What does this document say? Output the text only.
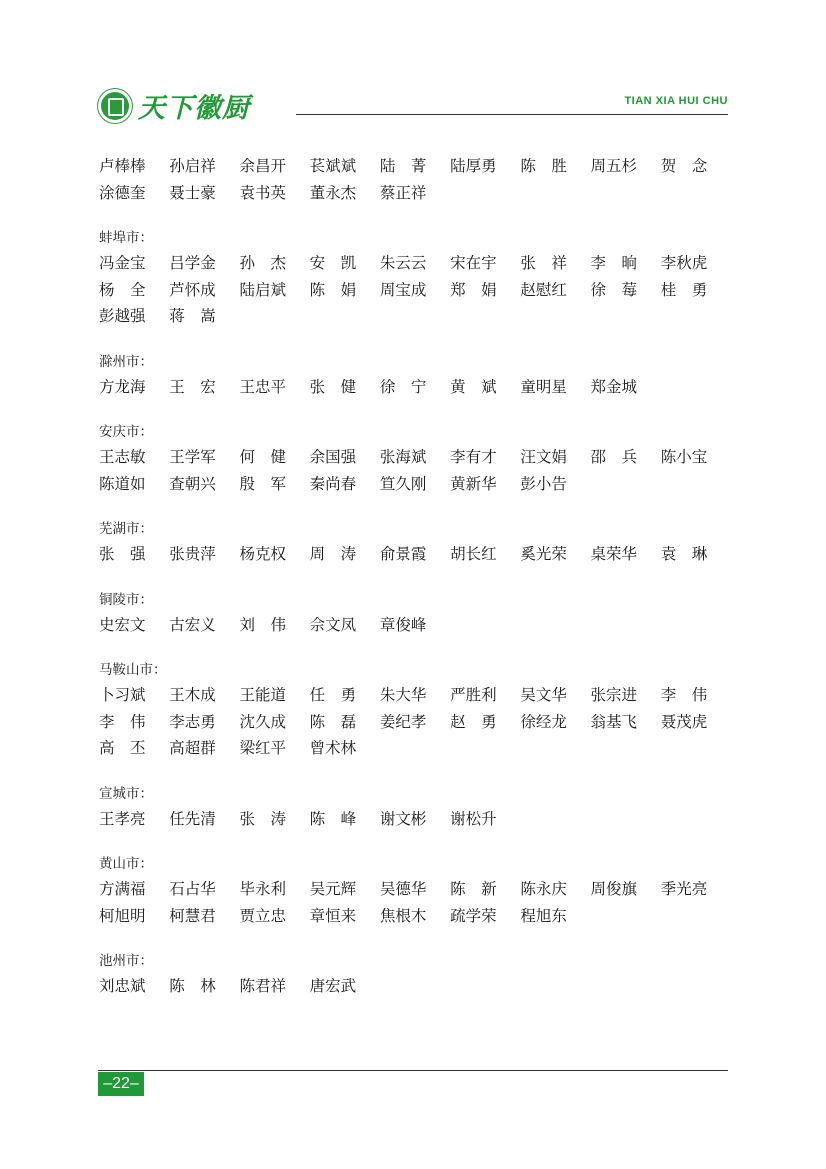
天下徽厨	TIAN XIA HUI CHU
卢棒棒	孙启祥	余昌开	苌斌斌	陆　菁	陆厚勇	陈　胜	周五杉	贺　念
涂德奎	聂士豪	袁书英	董永杰	蔡正祥
蚌埠市：
冯金宝	吕学金	孙　杰	安　凯	朱云云	宋在宇	张　祥	李　晌	李秋虎
杨　全	芦怀成	陆启斌	陈　娟	周宝成	郑　娟	赵慰红	徐　莓	桂　勇
彭越强	蒋　嵩
滁州市：
方龙海	王　宏	王忠平	张　健	徐　宁	黄　斌	童明星	郑金城
安庆市：
王志敏	王学军	何　健	余国强	张海斌	李有才	汪文娟	邵　兵	陈小宝
陈道如	查朝兴	殷　军	秦尚春	笪久刚	黄新华	彭小告
芜湖市：
张　强	张贵萍	杨克权	周　涛	俞景霞	胡长红	奚光荣	桌荣华	袁　琳
铜陵市：
史宏文	古宏义	刘　伟	佘文凤	章俊峰
马鞍山市：
卜习斌	王木成	王能道	任　勇	朱大华	严胜利	吴文华	张宗进	李　伟
李　伟	李志勇	沈久成	陈　磊	姜纪孝	赵　勇	徐经龙	翁基飞	聂茂虎
高　丕	高超群	梁红平	曾术林
宣城市：
王孝亮	任先清	张　涛	陈　峰	谢文彬	谢松升
黄山市：
方满福	石占华	毕永利	吴元辉	吴德华	陈　新	陈永庆	周俊旗	季光亮
柯旭明	柯慧君	贾立忠	章恒来	焦根木	疏学荣	程旭东
池州市：
刘忠斌	陈　林	陈君祥	唐宏武
–22–
